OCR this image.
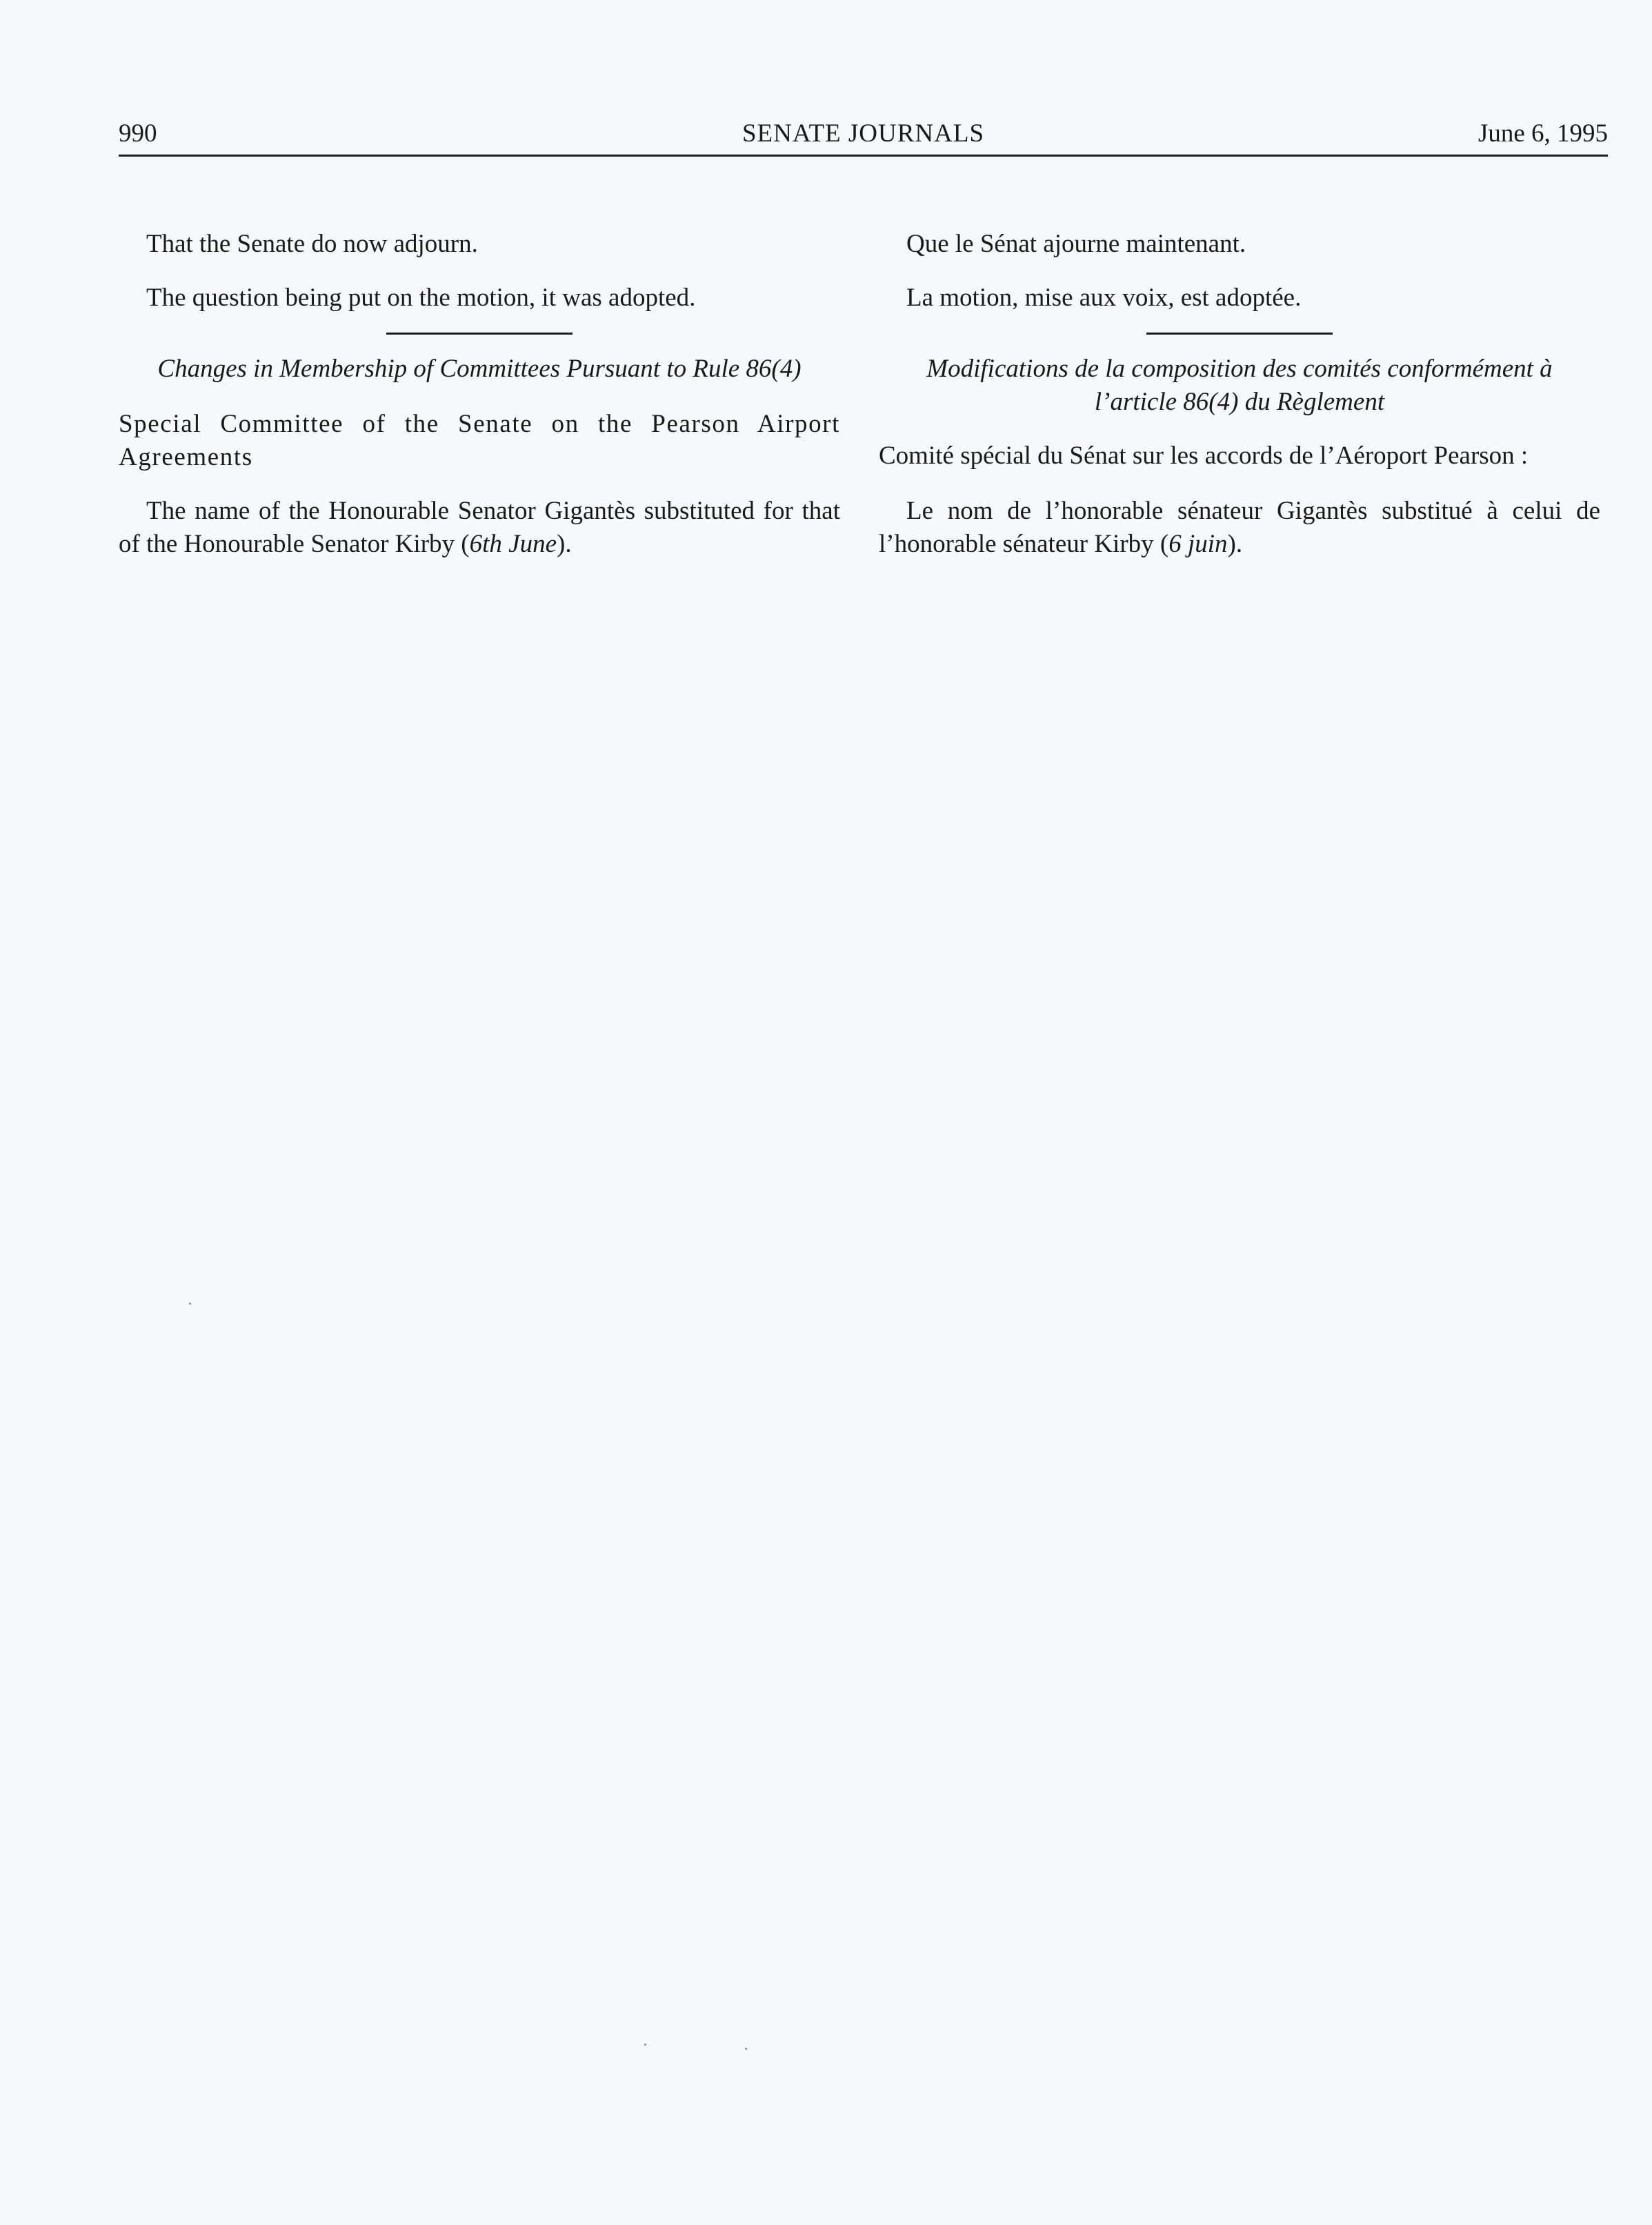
990	SENATE JOURNALS	June 6, 1995

That the Senate do now adjourn.

The question being put on the motion, it was adopted.

Changes in Membership of Committees Pursuant to Rule 86(4)

Special Committee of the Senate on the Pearson Airport Agreements

The name of the Honourable Senator Gigantès substituted for that of the Honourable Senator Kirby (6th June).

Que le Sénat ajourne maintenant.

La motion, mise aux voix, est adoptée.

Modifications de la composition des comités conformément à
l’article 86(4) du Règlement

Comité spécial du Sénat sur les accords de l’Aéroport Pearson :

Le nom de l’honorable sénateur Gigantès substitué à celui de l’honorable sénateur Kirby (6 juin).
